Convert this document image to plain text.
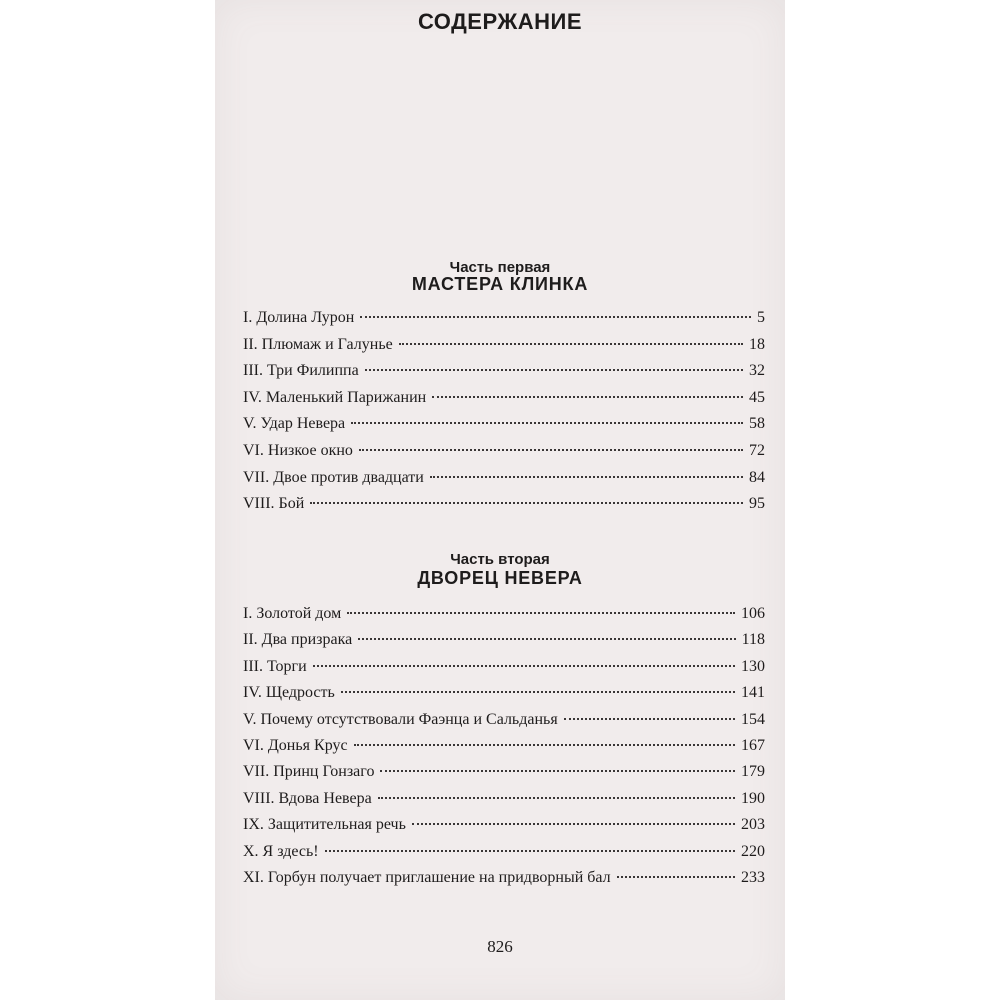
СОДЕРЖАНИЕ
Часть первая
МАСТЕРА КЛИНКА
I. Долина Лурон	5
II. Плюмаж и Галунье	18
III. Три Филиппа	32
IV. Маленький Парижанин	45
V. Удар Невера	58
VI. Низкое окно	72
VII. Двое против двадцати	84
VIII. Бой	95
Часть вторая
ДВОРЕЦ НЕВЕРА
I. Золотой дом	106
II. Два призрака	118
III. Торги	130
IV. Щедрость	141
V. Почему отсутствовали Фаэнца и Сальданья	154
VI. Донья Крус	167
VII. Принц Гонзаго	179
VIII. Вдова Невера	190
IX. Защитительная речь	203
X. Я здесь!	220
XI. Горбун получает приглашение на придворный бал	233
826
